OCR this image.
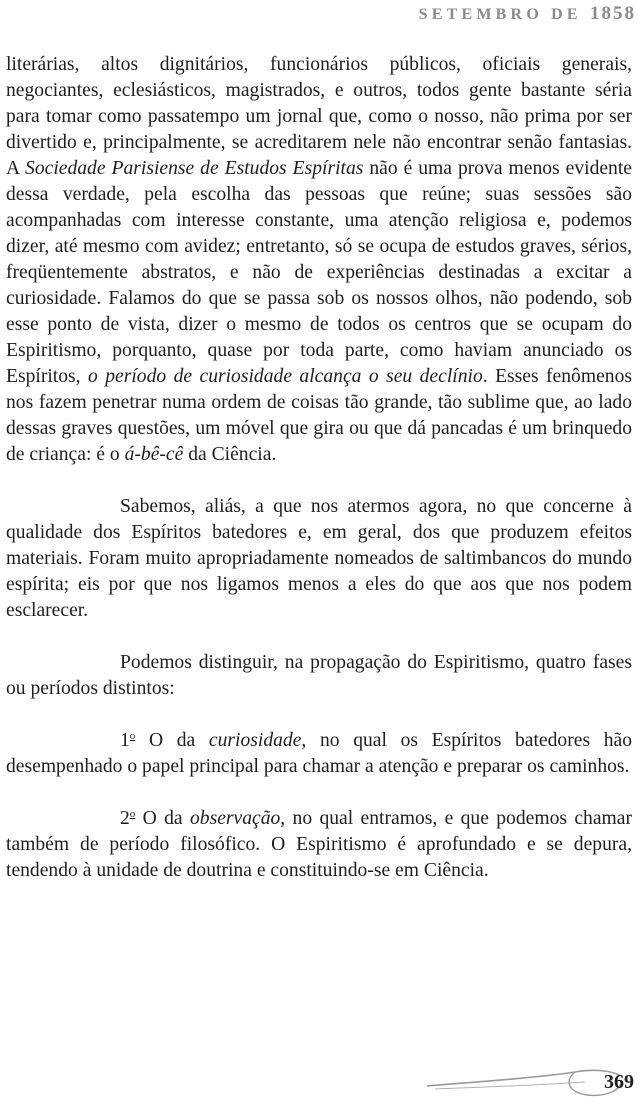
SETEMBRO DE 1858

literárias, altos dignitários, funcionários públicos, oficiais generais, negociantes, eclesiásticos, magistrados, e outros, todos gente bastante séria para tomar como passatempo um jornal que, como o nosso, não prima por ser divertido e, principalmente, se acreditarem nele não encontrar senão fantasias. A Sociedade Parisiense de Estudos Espíritas não é uma prova menos evidente dessa verdade, pela escolha das pessoas que reúne; suas sessões são acompanhadas com interesse constante, uma atenção religiosa e, podemos dizer, até mesmo com avidez; entretanto, só se ocupa de estudos graves, sérios, freqüentemente abstratos, e não de experiências destinadas a excitar a curiosidade. Falamos do que se passa sob os nossos olhos, não podendo, sob esse ponto de vista, dizer o mesmo de todos os centros que se ocupam do Espiritismo, porquanto, quase por toda parte, como haviam anunciado os Espíritos, o período de curiosidade alcança o seu declínio. Esses fenômenos nos fazem penetrar numa ordem de coisas tão grande, tão sublime que, ao lado dessas graves questões, um móvel que gira ou que dá pancadas é um brinquedo de criança: é o á-bê-cê da Ciência.

Sabemos, aliás, a que nos atermos agora, no que concerne à qualidade dos Espíritos batedores e, em geral, dos que produzem efeitos materiais. Foram muito apropriadamente nomeados de saltimbancos do mundo espírita; eis por que nos ligamos menos a eles do que aos que nos podem esclarecer.

Podemos distinguir, na propagação do Espiritismo, quatro fases ou períodos distintos:

1$^o$ O da curiosidade, no qual os Espíritos batedores hão desempenhado o papel principal para chamar a atenção e preparar os caminhos.

2$^o$ O da observação, no qual entramos, e que podemos chamar também de período filosófico. O Espiritismo é aprofundado e se depura, tendendo à unidade de doutrina e constituindo-se em Ciência.

369
